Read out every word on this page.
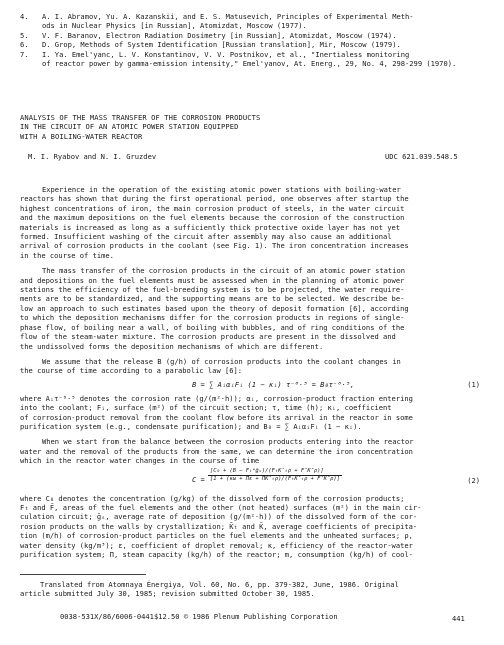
4. A. I. Abramov, Yu. A. Kazanskii, and E. S. Matusevich, Principles of Experimental Meth-
ods in Nuclear Physics [in Russian], Atomizdat, Moscow (1977).
5. V. F. Baranov, Electron Radiation Dosimetry [in Russian], Atomizdat, Moscow (1974).
6. D. Grop, Methods of System Identification [Russian translation], Mir, Moscow (1979).
7. I. Ya. Emel'yanc, L. V. Konstantinov, V. V. Postnikov, et al., "Inertialess monitoring
of reactor power by gamma-emission intensity," Emel'yanov, At. Energ., 29, No. 4, 298-299 (1970).
ANALYSIS OF THE MASS TRANSFER OF THE CORROSION PRODUCTS
IN THE CIRCUIT OF AN ATOMIC POWER STATION EQUIPPED
WITH A BOILING-WATER REACTOR
M. I. Ryabov and N. I. Gruzdev	UDC 621.039.548.5
Experience in the operation of the existing atomic power stations with boiling-water
reactors has shown that during the first operational period, one observes after startup the
highest concentrations of iron, the main corrosion product of steels, in the water circuit
and the maximum depositions on the fuel elements because the corrosion of the construction
materials is increased as long as a sufficiently thick protective oxide layer has not yet
formed. Insufficient washing of the circuit after assembly may also cause an additional
arrival of corrosion products in the coolant (see Fig. 1). The iron concentration increases
in the course of time.
The mass transfer of the corrosion products in the circuit of an atomic power station
and depositions on the fuel elements must be assessed when in the planning of atomic power
stations the efficiency of the fuel-breeding system is to be projected, the water require-
ments are to be standardized, and the supporting means are to be selected. We describe be-
low an approach to such estimates based upon the theory of deposit formation [6], according
to which the deposition mechanisms differ for the corrosion products in regions of single-
phase flow, of boiling near a wall, of boiling with bubbles, and of ring conditions of the
flow of the steam-water mixture. The corrosion products are present in the dissolved and
the undissolved forms the deposition mechanisms of which are different.
We assume that the release B (g/h) of corrosion products into the coolant changes in
the course of time according to a parabolic law [6]:
B = ∑ AᵢαᵢFᵢ (1 − κᵢ) τ⁻⁰·⁵ = B₀τ⁻⁰·⁵,	(1)
where Aᵢτ⁻⁰·⁵ denotes the corrosion rate (g/(m²·h)); αᵢ, corrosion-product fraction entering
into the coolant; Fᵢ, surface (m²) of the circuit section; τ, time (h); κᵢ, coefficient
of corrosion-product removal from the coolant flow before its arrival in the reactor in some
purification system (e.g., condensate purification); and B₀ = ∑ AᵢαᵢFᵢ (1 − κᵢ).
When we start from the balance between the corrosion products entering into the reactor
water and the removal of the products from the same, we can determine the iron concentration
which in the reactor water changes in the course of time
C =
[C₀ + (B − Fₜᵉḡₛ)/(FₜK̄ₜρ + F̄K̄ρ)]
[1 + (κω + Πε + ΠK̄ₜρ)/(FₜK̄ₜρ + F̄K̄ρ)]	(2)
where C₀ denotes the concentration (g/kg) of the dissolved form of the corrosion products;
Fₜ and F̄, areas of the fuel elements and the other (not heated) surfaces (m²) in the main cir-
culation circuit; ḡₛ, average rate of deposition (g/(m²·h)) of the dissolved form of the cor-
rosion products on the walls by crystallization; K̄ₜ and K̄, average coefficients of precipita-
tion (m/h) of corrosion-product particles on the fuel elements and the unheated surfaces; ρ,
water density (kg/m³); ε, coefficient of droplet removal; κ, efficiency of the reactor-water
purification system; Π, steam capacity (kg/h) of the reactor; m, consumption (kg/h) of cool-
Translated from Atomnaya Énergiya, Vol. 60, No. 6, pp. 379-382, June, 1986. Original
article submitted July 30, 1985; revision submitted October 30, 1985.
0038-531X/86/6006-0441$12.50 © 1986 Plenum Publishing Corporation	441
